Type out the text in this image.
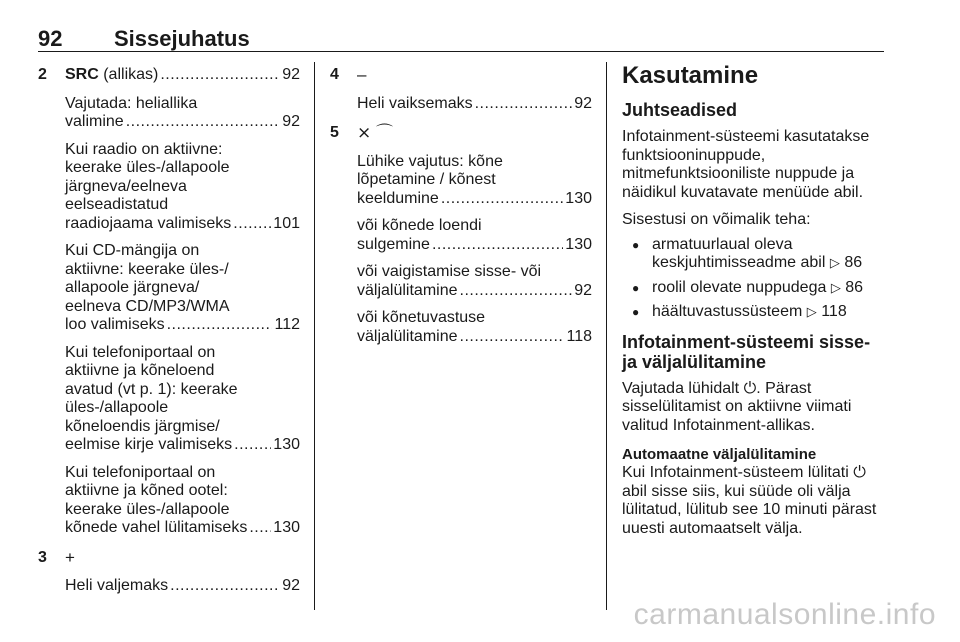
92 Sissejuhatus
2 SRC (allikas) .....	92
Vajutada: heliallika
valimine .....	92
Kui raadio on aktiivne:
keerake üles-/allapoole
järgneva/eelneva
eelseadistatud
raadiojaama valimiseks .....	101
Kui CD-mängija on
aktiivne: keerake üles-/
allapoole järgneva/
eelneva CD/MP3/WMA
loo valimiseks .....	112
Kui telefoniportaal on
aktiivne ja kõneloend
avatud (vt p. 1): keerake
üles-/allapoole
kõneloendis järgmise/
eelmise kirje valimiseks .....	130
Kui telefoniportaal on
aktiivne ja kõned ootel:
keerake üles-/allapoole
kõnede vahel lülitamiseks ..... 130
3 +
Heli valjemaks .....	92
4 –
Heli vaiksemaks .....	92
5 ⨯ ⌒
Lühike vajutus: kõne
lõpetamine / kõnest
keeldumine .....	130
või kõnede loendi
sulgemine .....	130
või vaigistamise sisse- või
väljalülitamine .....	92
või kõnetuvastuse
väljalülitamine .....	118
Kasutamine
Juhtseadised

Infotainment-süsteemi kasutatakse funktsiooninuppude, mitmefunktsiooniliste nuppude ja näidikul kuvatavate menüüde abil.

Sisestusi on võimalik teha:

● armatuurlaual oleva keskjuhtimisseadme abil ▷ 86
● roolil olevate nuppudega ▷ 86
● häältuvastussüsteem ▷ 118
Infotainment-süsteemi sisse- ja väljalülitamine

Vajutada lühidalt ⏻. Pärast sisselülitamist on aktiivne viimati valitud Infotainment-allikas.

Automaatne väljalülitamine

Kui Infotainment-süsteem lülitati ⏻ abil sisse siis, kui süüde oli välja lülitatud, lülitub see 10 minuti pärast uuesti automaatselt välja.

carmanualsonline.info
